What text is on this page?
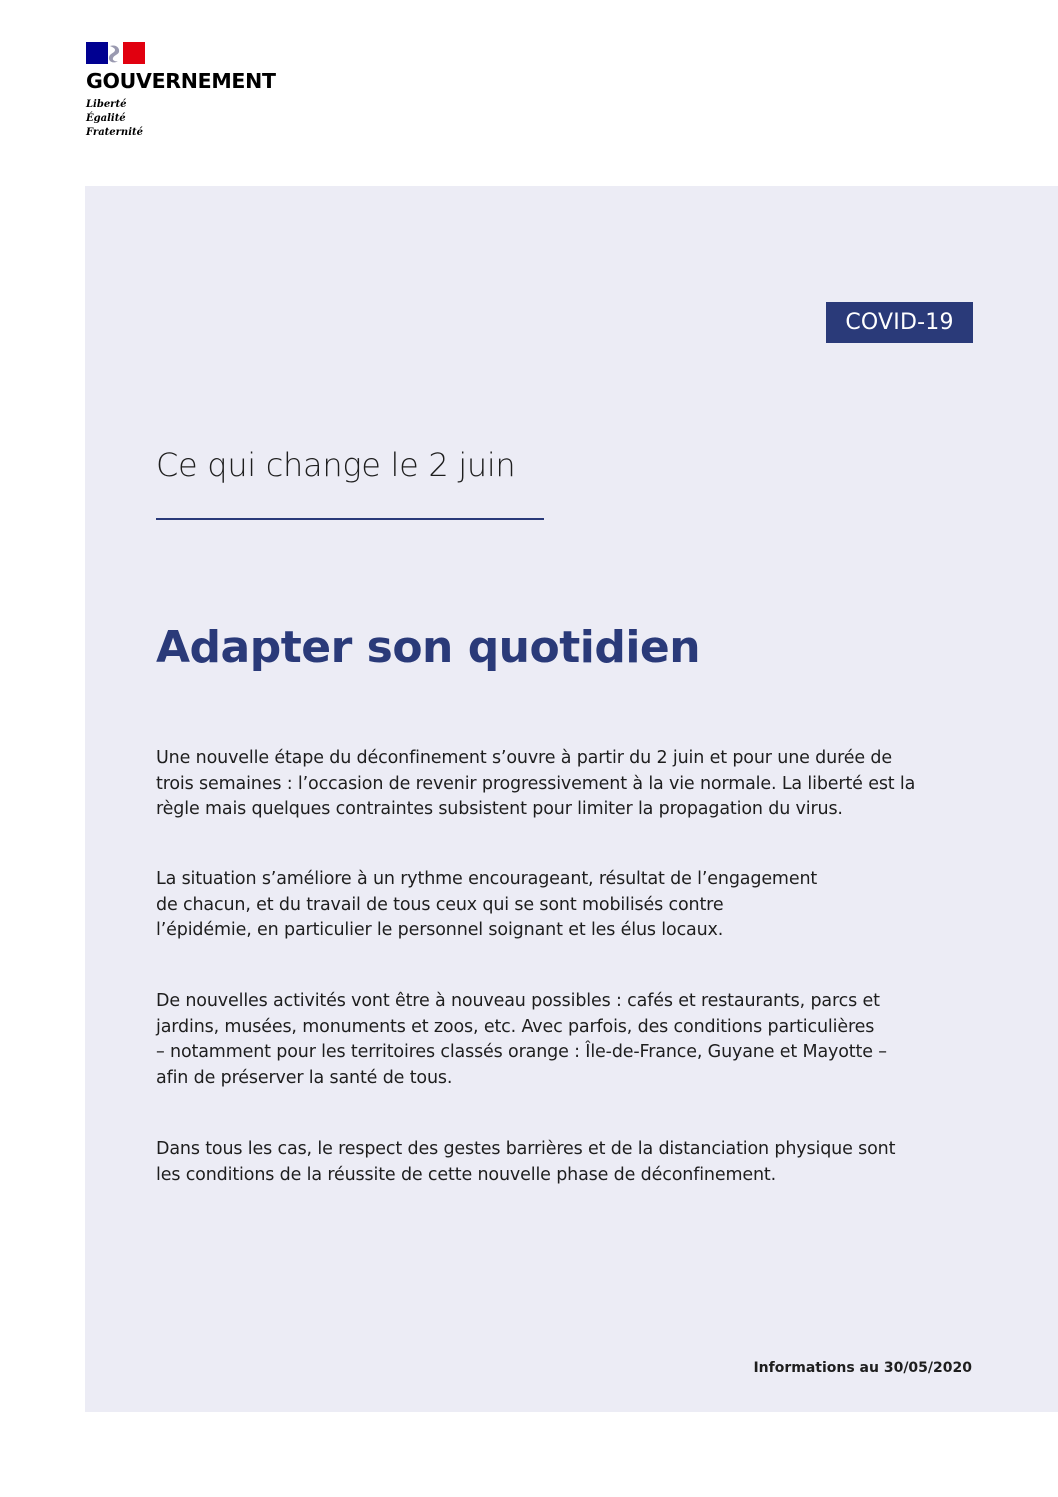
GOUVERNEMENT
Liberté
Égalité
Fraternité
COVID-19
Ce qui change le 2 juin
Adapter son quotidien

Une nouvelle étape du déconfinement s’ouvre à partir du 2 juin et pour une durée de
trois semaines : l’occasion de revenir progressivement à la vie normale. La liberté est la
règle mais quelques contraintes subsistent pour limiter la propagation du virus.

La situation s’améliore à un rythme encourageant, résultat de l’engagement
de chacun, et du travail de tous ceux qui se sont mobilisés contre
l’épidémie, en particulier le personnel soignant et les élus locaux.

De nouvelles activités vont être à nouveau possibles : cafés et restaurants, parcs et
jardins, musées, monuments et zoos, etc. Avec parfois, des conditions particulières
– notamment pour les territoires classés orange : Île-de-France, Guyane et Mayotte –
afin de préserver la santé de tous.

Dans tous les cas, le respect des gestes barrières et de la distanciation physique sont
les conditions de la réussite de cette nouvelle phase de déconfinement.

Informations au 30/05/2020
